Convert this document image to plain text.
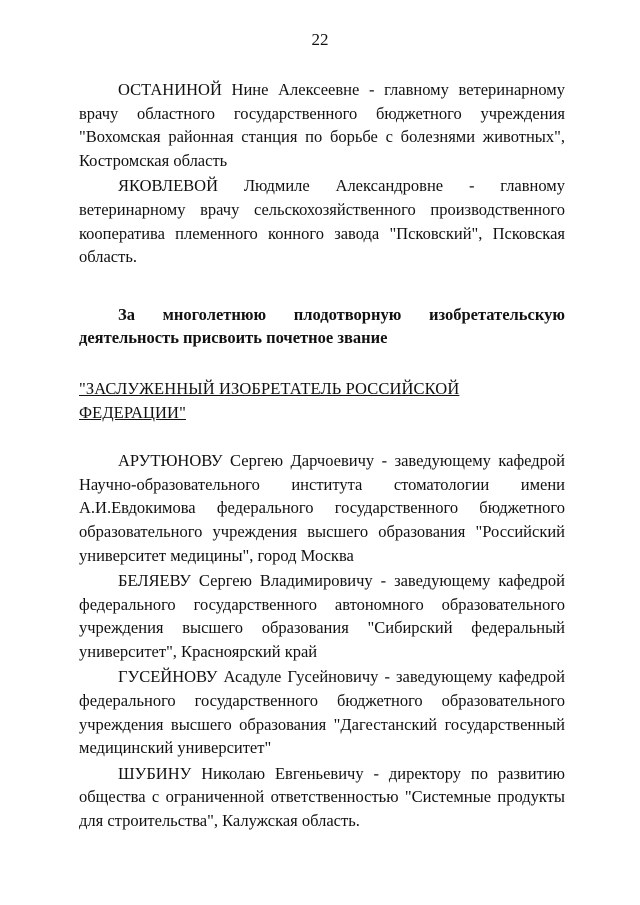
22

ОСТАНИНОЙ Нине Алексеевне - главному ветеринарному врачу областного государственного бюджетного учреждения "Вохомская районная станция по борьбе с болезнями животных", Костромская область

ЯКОВЛЕВОЙ Людмиле Александровне - главному ветеринарному врачу сельскохозяйственного производственного кооператива племенного конного завода "Псковский", Псковская область.

За многолетнюю плодотворную изобретательскую деятельность присвоить почетное звание

"ЗАСЛУЖЕННЫЙ ИЗОБРЕТАТЕЛЬ РОССИЙСКОЙ ФЕДЕРАЦИИ"

АРУТЮНОВУ Сергею Дарчоевичу - заведующему кафедрой Научно-образовательного института стоматологии имени А.И.Евдокимова федерального государственного бюджетного образовательного учреждения высшего образования "Российский университет медицины", город Москва

БЕЛЯЕВУ Сергею Владимировичу - заведующему кафедрой федерального государственного автономного образовательного учреждения высшего образования "Сибирский федеральный университет", Красноярский край

ГУСЕЙНОВУ Асадуле Гусейновичу - заведующему кафедрой федерального государственного бюджетного образовательного учреждения высшего образования "Дагестанский государственный медицинский университет"

ШУБИНУ Николаю Евгеньевичу - директору по развитию общества с ограниченной ответственностью "Системные продукты для строительства", Калужская область.
